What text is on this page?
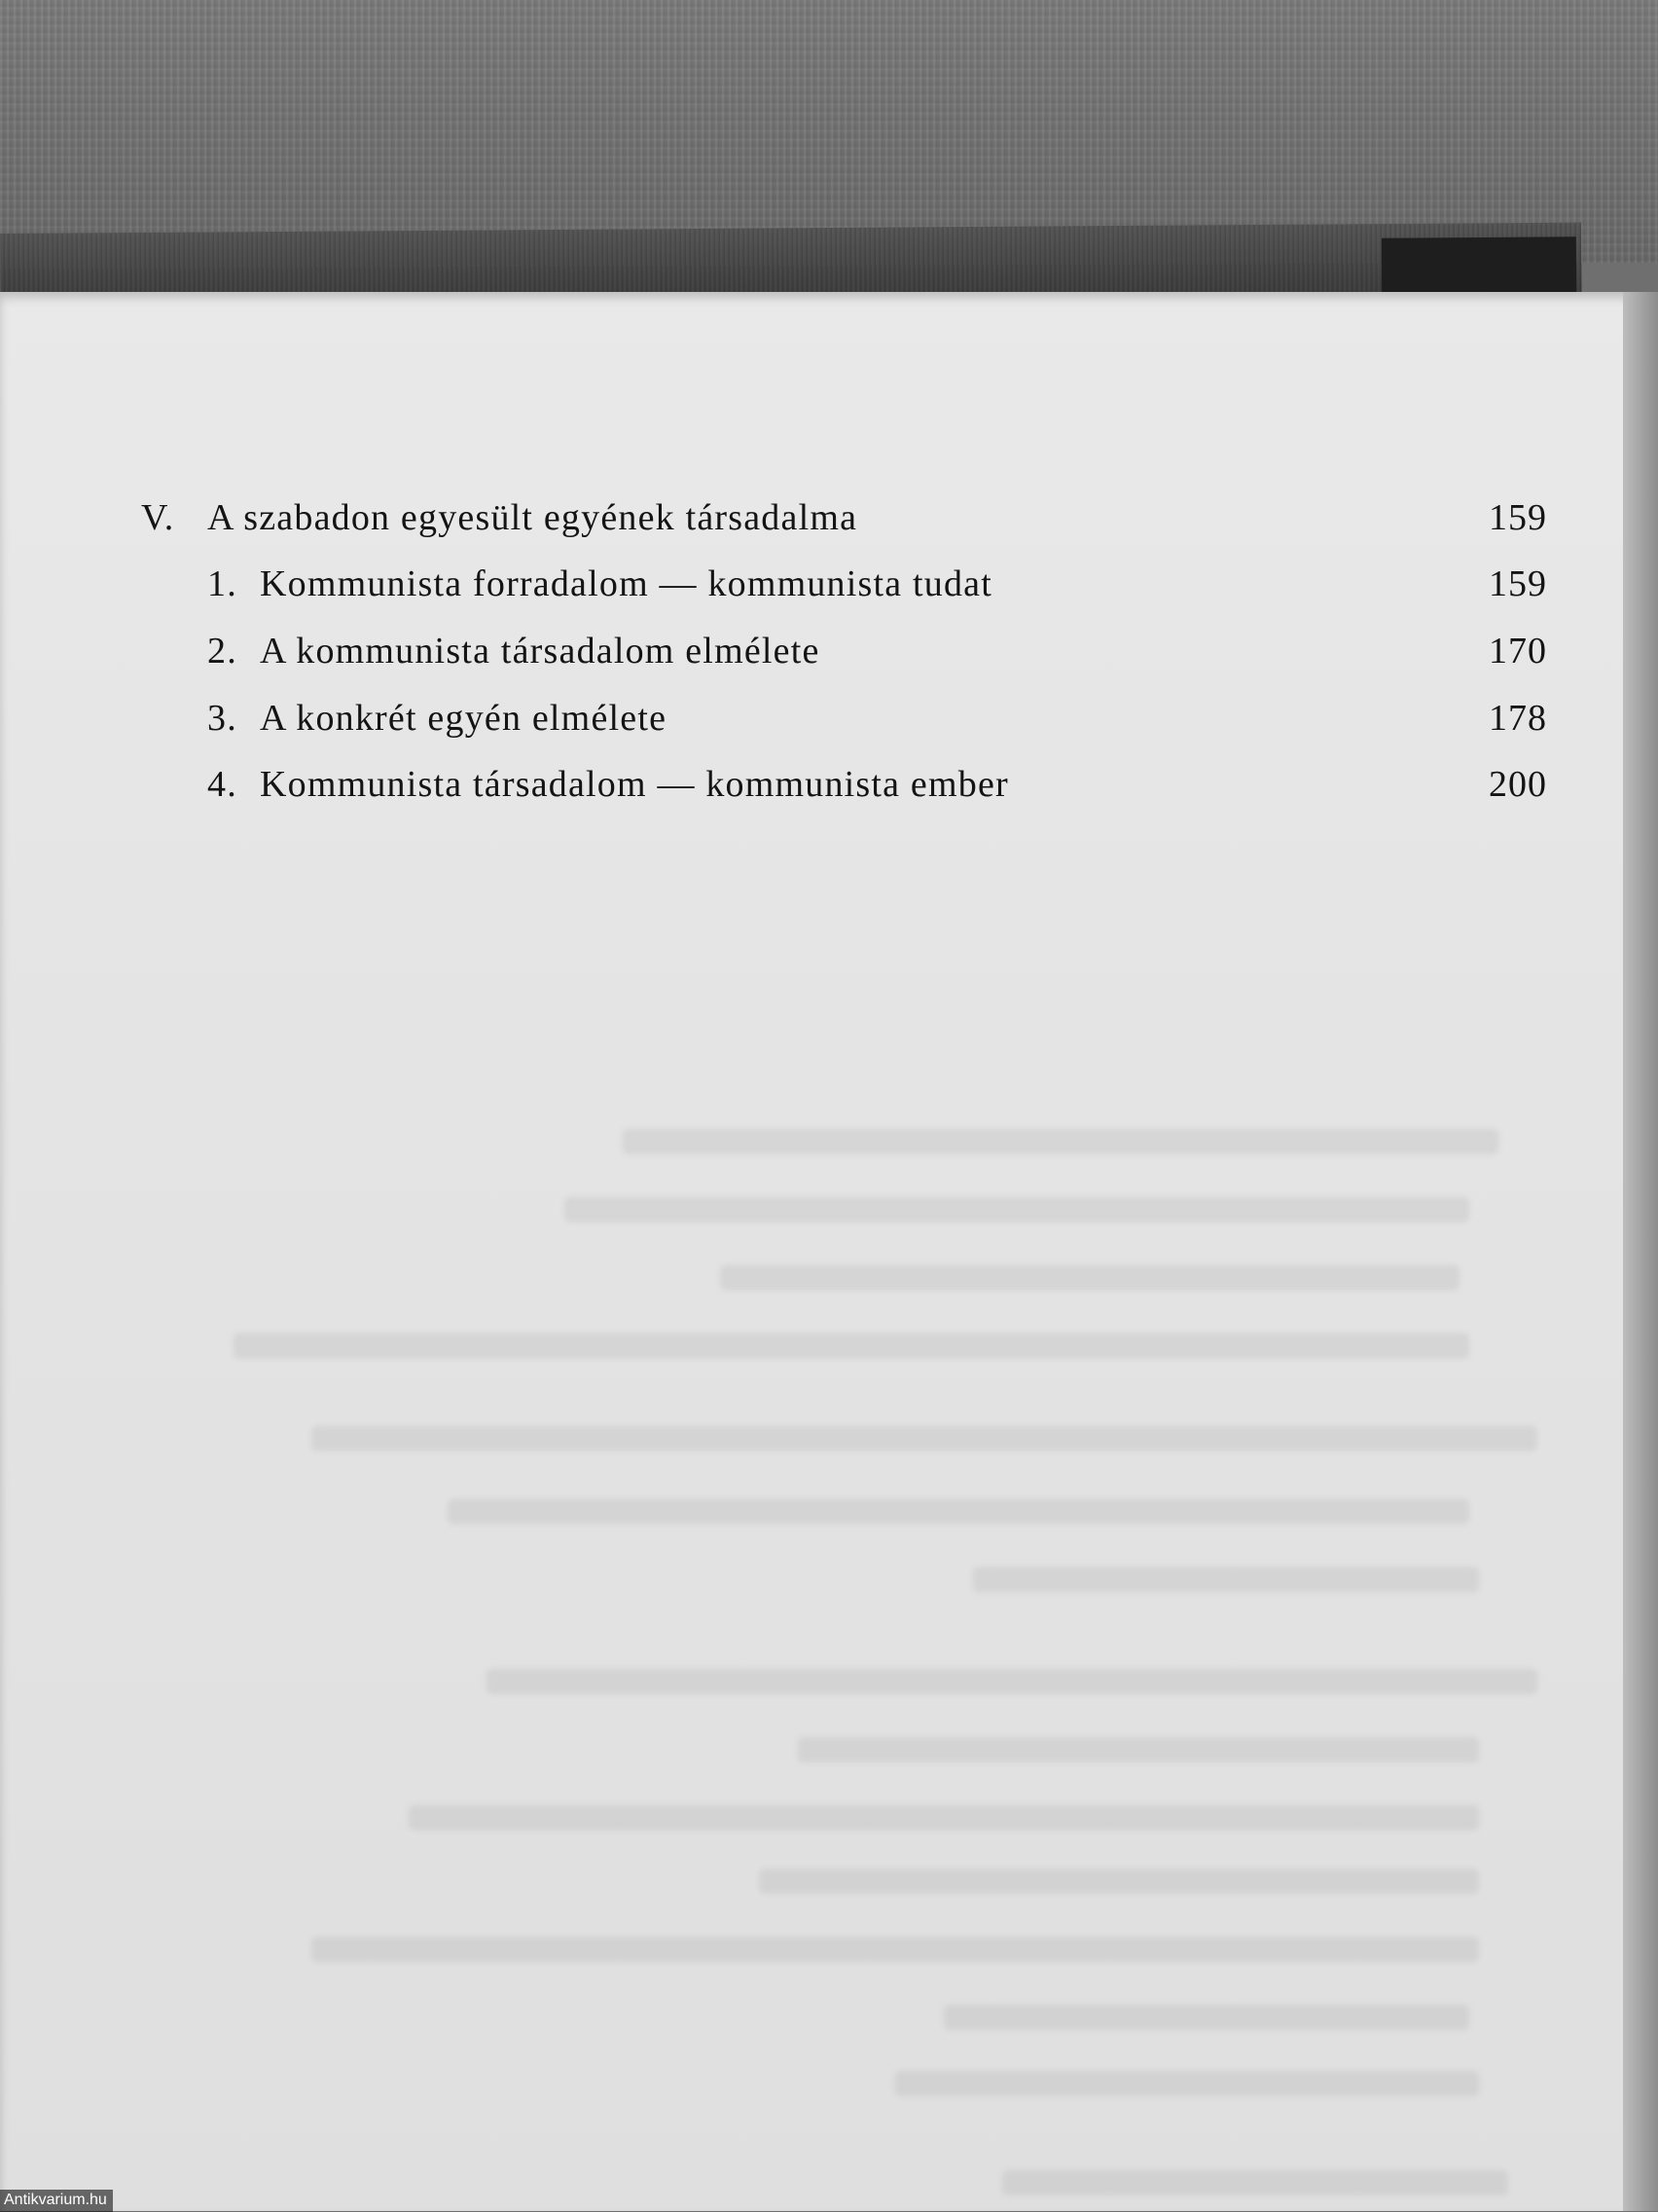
V. A szabadon egyesült egyének társadalma	159
1. Kommunista forradalom — kommunista tudat	159
2. A kommunista társadalom elmélete	170
3. A konkrét egyén elmélete	178
4. Kommunista társadalom — kommunista ember	200
Antikvarium.hu
